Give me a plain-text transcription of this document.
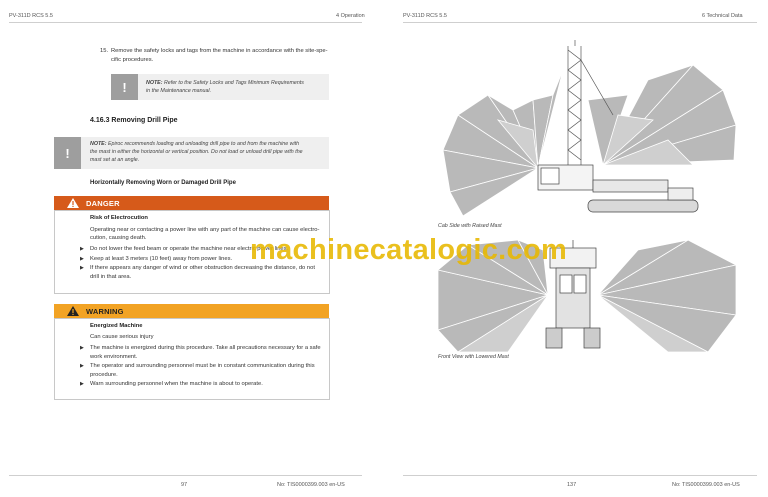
PV-311D RCS 5.5	4 Operation
15. Remove the safety locks and tags from the machine in accordance with the site-spe-
cific procedures.
!	NOTE: Refer to the Safety Locks and Tags Minimum Requirements
in the Maintenance manual.
4.16.3 Removing Drill Pipe
!
NOTE: Epiroc recommends loading and unloading drill pipe to and from the machine with
the mast in either the horizontal or vertical position. Do not load or unload drill pipe with the
mast set at an angle.
Horizontally Removing Worn or Damaged Drill Pipe
DANGER
Risk of Electrocution
Operating near or contacting a power line with any part of the machine can cause electro-
cution, causing death.
▶ Do not lower the feed beam or operate the machine near electric power lines.
▶ Keep at least 3 meters (10 feet) away from power lines.
▶ If there appears any danger of wind or other obstruction decreasing the distance, do not
drill in that area.
WARNING
Energized Machine
Can cause serious injury
▶ The machine is energized during this procedure. Take all precautions necessary for a safe
work environment.
▶ The operator and surrounding personnel must be in constant communication during this
procedure.
▶ Warn surrounding personnel when the machine is about to operate.
97	No: TIS0000399.003 en-US
PV-311D RCS 5.5	6 Technical Data
Cab Side with Raised Mast
Front View with Lowered Mast
137	No: TIS0000399.003 en-US
machinecatalogic.com
